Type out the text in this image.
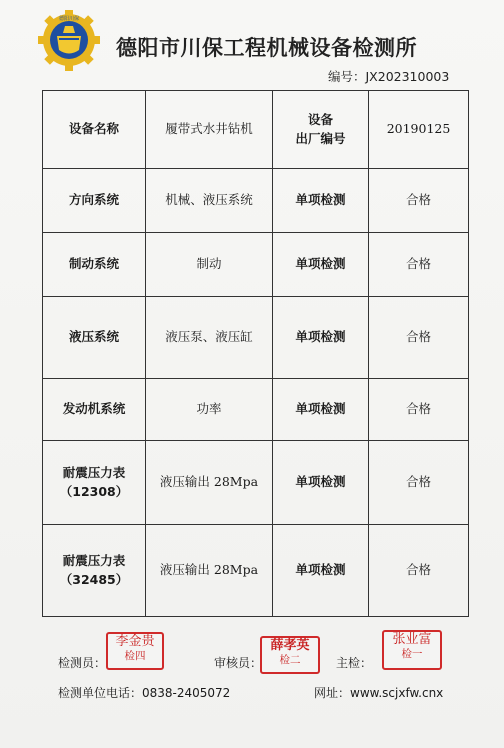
德阳川保
德阳市川保工程机械设备检测所
编号：JX202310003
设备名称	履带式水井钻机	设备
出厂编号	20190125
方向系统	机械、液压系统	单项检测	合格
制动系统	制动	单项检测	合格
液压系统	液压泵、液压缸	单项检测	合格
发动机系统	功率	单项检测	合格

耐震压力表
（12308）	液压输出 28Mpa	单项检测	合格

耐震压力表
（32485）	液压输出 28Mpa	单项检测	合格
检测员：
李金贵
检四	审核员：
薛孝英
检二	主检：
张业富
检一
检测单位电话：0838-2405072	网址：www.scjxfw.cnx
